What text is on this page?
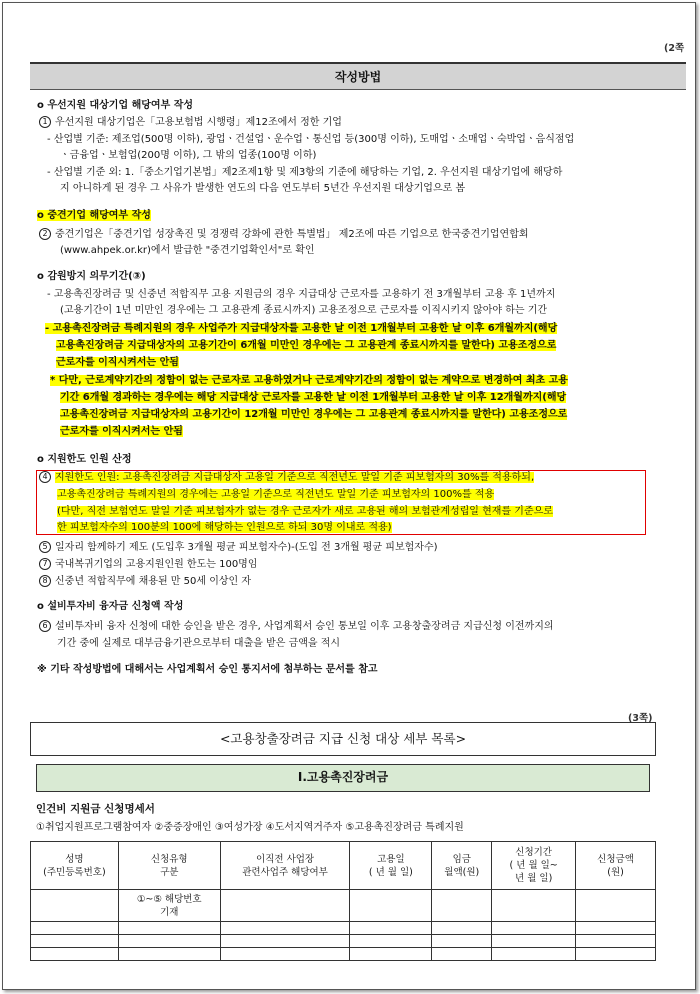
(2쪽
작성방법
o 우선지원 대상기업 해당여부 작성
1 우선지원 대상기업은「고용보험법 시행령」제12조에서 정한 기업
- 산업별 기준: 제조업(500명 이하), 광업ㆍ건설업ㆍ운수업ㆍ통신업 등(300명 이하), 도매업ㆍ소매업ㆍ숙박업ㆍ음식점업
ㆍ금융업ㆍ보험업(200명 이하), 그 밖의 업종(100명 이하)
- 산업별 기준 외: 1.「중소기업기본법」제2조제1항 및 제3항의 기준에 해당하는 기업, 2. 우선지원 대상기업에 해당하
지 아니하게 된 경우 그 사유가 발생한 연도의 다음 연도부터 5년간 우선지원 대상기업으로 봄
o 중견기업 해당여부 작성
2 중견기업은「중견기업 성장촉진 및 경쟁력 강화에 관한 특별법」 제2조에 따른 기업으로 한국중견기업연합회
(www.ahpek.or.kr)에서 발급한 "중견기업확인서"로 확인
o 감원방지 의무기간(③)
- 고용촉진장려금 및 신중년 적합직무 고용 지원금의 경우 지급대상 근로자를 고용하기 전 3개월부터 고용 후 1년까지
(고용기간이 1년 미만인 경우에는 그 고용관계 종료시까지) 고용조정으로 근로자를 이직시키지 않아야 하는 기간
- 고용촉진장려금 특례지원의 경우 사업주가 지급대상자를 고용한 날 이전 1개월부터 고용한 날 이후 6개월까지(해당
고용촉진장려금 지급대상자의 고용기간이 6개월 미만인 경우에는 그 고용관계 종료시까지를 말한다) 고용조정으로
근로자를 이직시켜서는 안됨
* 다만, 근로계약기간의 정함이 없는 근로자로 고용하였거나 근로계약기간의 정함이 없는 계약으로 변경하여 최초 고용
기간 6개월 경과하는 경우에는 해당 지급대상 근로자를 고용한 날 이전 1개월부터 고용한 날 이후 12개월까지(해당
고용촉진장려금 지급대상자의 고용기간이 12개월 미만인 경우에는 그 고용관계 종료시까지를 말한다) 고용조정으로
근로자를 이직시켜서는 안됨
o 지원한도 인원 산정
4 지원한도 인원: 고용촉진장려금 지급대상자 고용일 기준으로 직전년도 말일 기준 피보험자의 30%를 적용하되,
고용촉진장려금 특례지원의 경우에는 고용일 기준으로 직전년도 말일 기준 피보험자의 100%를 적용
(다만, 직전 보험연도 말일 기준 피보험자가 없는 경우 근로자가 새로 고용된 해의 보험관계성립일 현재를 기준으로
한 피보험자수의 100분의 100에 해당하는 인원으로 하되 30명 이내로 적용)
5 일자리 함께하기 제도 (도입후 3개월 평균 피보험자수)-(도입 전 3개월 평균 피보험자수)
7 국내복귀기업의 고용지원인원 한도는 100명임
8 신중년 적합직무에 채용된 만 50세 이상인 자
o 설비투자비 융자금 신청액 작성
6 설비투자비 융자 신청에 대한 승인을 받은 경우, 사업계획서 승인 통보일 이후 고용창출장려금 지급신청 이전까지의
기간 중에 실제로 대부금융기관으로부터 대출을 받은 금액을 적시
※ 기타 작성방법에 대해서는 사업계획서 승인 통지서에 첨부하는 문서를 참고
(3쪽)
<고용창출장려금 지급 신청 대상 세부 목록>
I.고용촉진장려금
인건비 지원금 신청명세서
①취업지원프로그램참여자 ②중증장애인 ③여성가장 ④도서지역거주자 ⑤고용촉진장려금 특례지원
성명
(주민등록번호)	신청유형
구분	이직전 사업장
관련사업주 해당여부	고용일
( 년 월 일)	임금
월액(원)	신청기간
( 년 월 일~
년 월 일)	신청금액
(원)
	①~⑤ 해당번호
기재					
